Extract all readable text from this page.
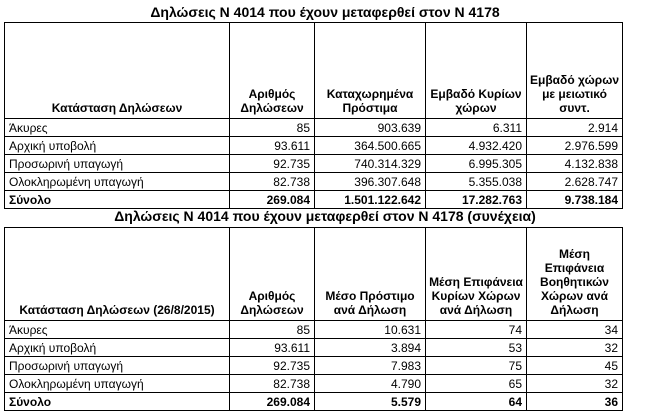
Δηλώσεις Ν 4014 που έχουν μεταφερθεί στον Ν 4178
Κατάσταση Δηλώσεων	Αριθμός Δηλώσεων	Καταχωρημένα Πρόστιμα	Εμβαδό Κυρίων χώρων	Εμβαδό χώρων με μειωτικό συντ.
Άκυρες	85	903.639	6.311	2.914
Αρχική υποβολή	93.611	364.500.665	4.932.420	2.976.599
Προσωρινή υπαγωγή	92.735	740.314.329	6.995.305	4.132.838
Ολοκληρωμένη υπαγωγή	82.738	396.307.648	5.355.038	2.628.747
Σύνολο	269.084	1.501.122.642	17.282.763	9.738.184
Δηλώσεις Ν 4014 που έχουν μεταφερθεί στον Ν 4178 (συνέχεια)
Κατάσταση Δηλώσεων (26/8/2015)	Αριθμός Δηλώσεων	Μέσο Πρόστιμο ανά Δήλωση	Μέση Επιφάνεια Κυρίων Χώρων ανά Δήλωση	Μέση Επιφάνεια Βοηθητικών Χώρων ανά Δήλωση
Άκυρες	85	10.631	74	34
Αρχική υποβολή	93.611	3.894	53	32
Προσωρινή υπαγωγή	92.735	7.983	75	45
Ολοκληρωμένη υπαγωγή	82.738	4.790	65	32
Σύνολο	269.084	5.579	64	36
